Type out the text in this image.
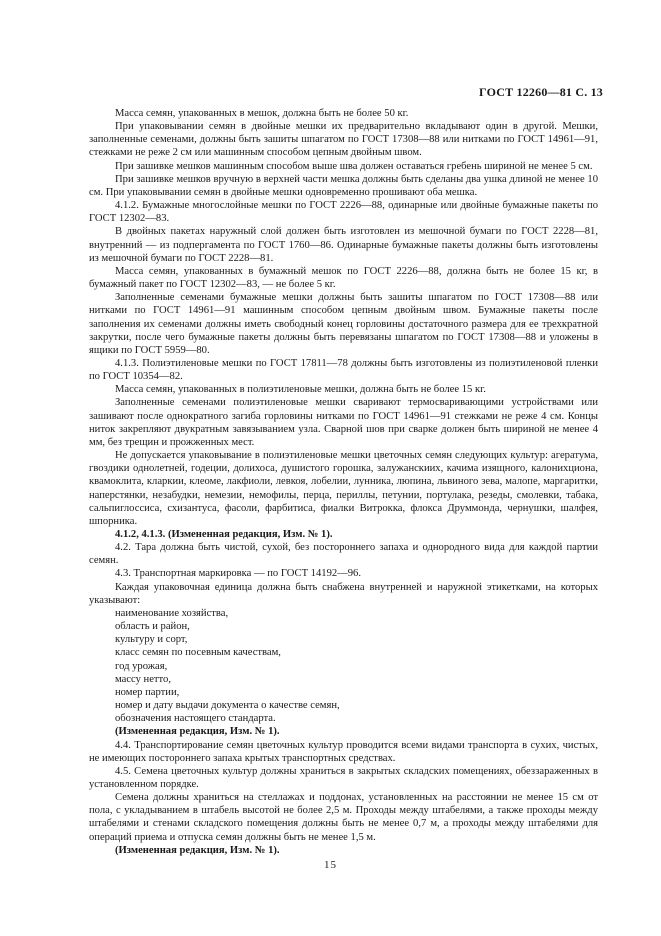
ГОСТ 12260—81 С. 13

Масса семян, упакованных в мешок, должна быть не более 50 кг.

При упаковывании семян в двойные мешки их предварительно вкладывают один в другой. Мешки, заполненные семенами, должны быть зашиты шпагатом по ГОСТ 17308—88 или нитками по ГОСТ 14961—91, стежками не реже 2 см или машинным способом цепным двойным швом.

При зашивке мешков машинным способом выше шва должен оставаться гребень шириной не менее 5 см.

При зашивке мешков вручную в верхней части мешка должны быть сделаны два ушка длиной не менее 10 см. При упаковывании семян в двойные мешки одновременно прошивают оба мешка.

4.1.2. Бумажные многослойные мешки по ГОСТ 2226—88, одинарные или двойные бумажные пакеты по ГОСТ 12302—83.

В двойных пакетах наружный слой должен быть изготовлен из мешочной бумаги по ГОСТ 2228—81, внутренний — из подпергамента по ГОСТ 1760—86. Одинарные бумажные пакеты должны быть изготовлены из мешочной бумаги по ГОСТ 2228—81.

Масса семян, упакованных в бумажный мешок по ГОСТ 2226—88, должна быть не более 15 кг, в бумажный пакет по ГОСТ 12302—83, — не более 5 кг.

Заполненные семенами бумажные мешки должны быть зашиты шпагатом по ГОСТ 17308—88 или нитками по ГОСТ 14961—91 машинным способом цепным двойным швом. Бумажные пакеты после заполнения их семенами должны иметь свободный конец горловины достаточного размера для ее трехкратной закрутки, после чего бумажные пакеты должны быть перевязаны шпагатом по ГОСТ 17308—88 и уложены в ящики по ГОСТ 5959—80.

4.1.3. Полиэтиленовые мешки по ГОСТ 17811—78 должны быть изготовлены из полиэтиленовой пленки по ГОСТ 10354—82.

Масса семян, упакованных в полиэтиленовые мешки, должна быть не более 15 кг.

Заполненные семенами полиэтиленовые мешки сваривают термосваривающими устройствами или зашивают после однократного загиба горловины нитками по ГОСТ 14961—91 стежками не реже 4 см. Концы ниток закрепляют двукратным завязыванием узла. Сварной шов при сварке должен быть шириной не менее 4 мм, без трещин и прожженных мест.

Не допускается упаковывание в полиэтиленовые мешки цветочных семян следующих культур: агератума, гвоздики однолетней, годеции, долихоса, душистого горошка, залужанскиих, качима изящного, калонихциона, квамоклита, кларкии, клеоме, лакфиоли, левкоя, лобелии, лунника, люпина, львиного зева, малопе, маргаритки, наперстянки, незабудки, немезии, немофилы, перца, периллы, петунии, портулака, резеды, смолевки, табака, сальпиглоссиса, схизантуса, фасоли, фарбитиса, фиалки Витрокка, флокса Друммонда, чернушки, шалфея, шпорника.

4.1.2, 4.1.3. (Измененная редакция, Изм. № 1).

4.2. Тара должна быть чистой, сухой, без постороннего запаха и однородного вида для каждой партии семян.

4.3. Транспортная маркировка — по ГОСТ 14192—96.

Каждая упаковочная единица должна быть снабжена внутренней и наружной этикетками, на которых указывают:

наименование хозяйства,

область и район,

культуру и сорт,

класс семян по посевным качествам,

год урожая,

массу нетто,

номер партии,

номер и дату выдачи документа о качестве семян,

обозначения настоящего стандарта.

(Измененная редакция, Изм. № 1).

4.4. Транспортирование семян цветочных культур проводится всеми видами транспорта в сухих, чистых, не имеющих постороннего запаха крытых транспортных средствах.

4.5. Семена цветочных культур должны храниться в закрытых складских помещениях, обеззараженных в установленном порядке.

Семена должны храниться на стеллажах и поддонах, установленных на расстоянии не менее 15 см от пола, с укладыванием в штабель высотой не более 2,5 м. Проходы между штабелями, а также проходы между штабелями и стенами складского помещения должны быть не менее 0,7 м, а проходы между штабелями для операций приема и отпуска семян должны быть не менее 1,5 м.

(Измененная редакция, Изм. № 1).

15
